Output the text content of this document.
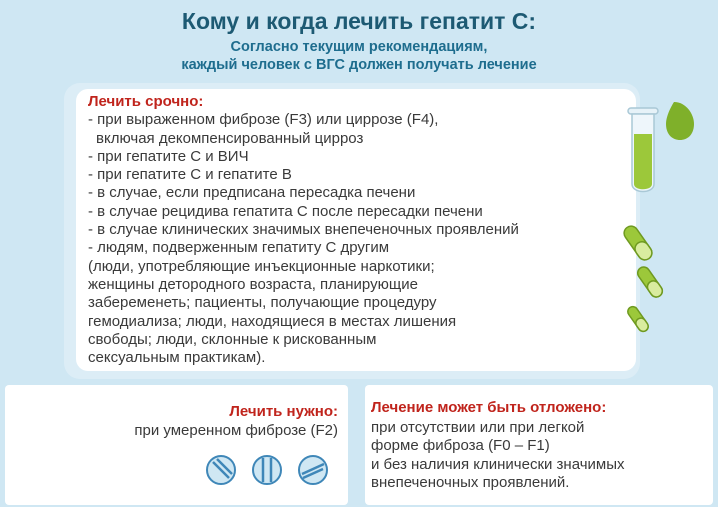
Кому и когда лечить гепатит С:
Согласно текущим рекомендациям,
каждый человек с ВГС должен получать лечение
Лечить срочно:
- при выраженном фиброзе (F3) или циррозе (F4),
включая декомпенсированный цирроз
- при гепатите С и ВИЧ
- при гепатите С и гепатите В
- в случае, если предписана пересадка печени
- в случае рецидива гепатита С после пересадки печени
- в случае клинических значимых внепеченочных проявлений
- людям, подверженным гепатиту С другим
(люди, употребляющие инъекционные наркотики;
женщины детородного возраста, планирующие
забеременеть; пациенты, получающие процедуру
гемодиализа; люди, находящиеся в местах лишения
свободы; люди, склонные к рискованным
сексуальным практикам).
Лечить нужно:
при умеренном фиброзе (F2)
Лечение может быть отложено:
при отсутствии или при легкой
форме фиброза (F0 – F1)
и без наличия клинически значимых
внепеченочных проявлений.
